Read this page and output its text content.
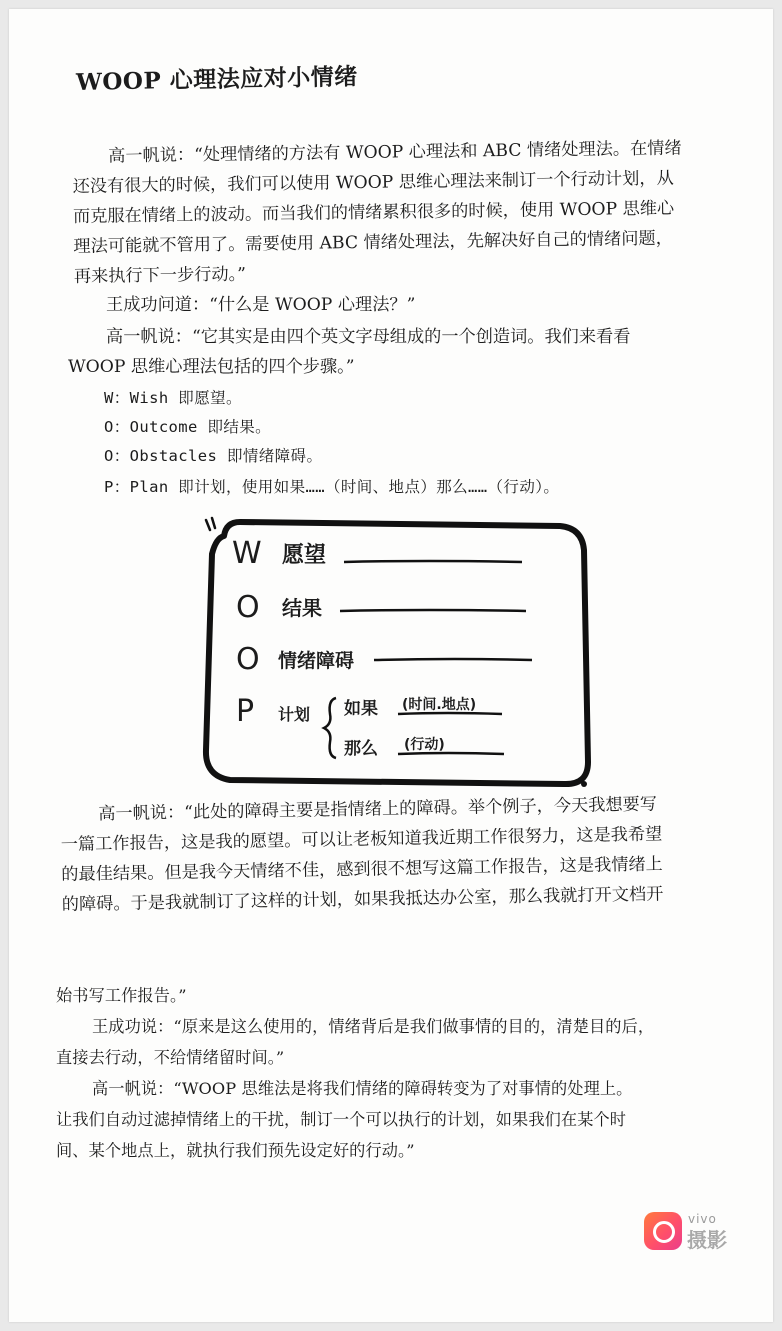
WOOP 心理法应对小情绪
高一帆说：“处理情绪的方法有 WOOP 心理法和 ABC 情绪处理法。在情绪
还没有很大的时候，我们可以使用 WOOP 思维心理法来制订一个行动计划，从
而克服在情绪上的波动。而当我们的情绪累积很多的时候，使用 WOOP 思维心
理法可能就不管用了。需要使用 ABC 情绪处理法，先解决好自己的情绪问题，
再来执行下一步行动。”
王成功问道：“什么是 WOOP 心理法？”
高一帆说：“它其实是由四个英文字母组成的一个创造词。我们来看看
WOOP 思维心理法包括的四个步骤。”
W：Wish 即愿望。
O：Outcome 即结果。
O：Obstacles 即情绪障碍。
P：Plan 即计划，使用如果……（时间、地点）那么……（行动）。
W 愿望
O 结果
O 情绪障碍
P 计划 如果 (时间.地点)
那么 (行动)
高一帆说：“此处的障碍主要是指情绪上的障碍。举个例子，今天我想要写
一篇工作报告，这是我的愿望。可以让老板知道我近期工作很努力，这是我希望
的最佳结果。但是我今天情绪不佳，感到很不想写这篇工作报告，这是我情绪上
的障碍。于是我就制订了这样的计划，如果我抵达办公室，那么我就打开文档开
始书写工作报告。”
王成功说：“原来是这么使用的，情绪背后是我们做事情的目的，清楚目的后，
直接去行动，不给情绪留时间。”
高一帆说：“WOOP 思维法是将我们情绪的障碍转变为了对事情的处理上。
让我们自动过滤掉情绪上的干扰，制订一个可以执行的计划，如果我们在某个时
间、某个地点上，就执行我们预先设定好的行动。”
vivo
摄影
